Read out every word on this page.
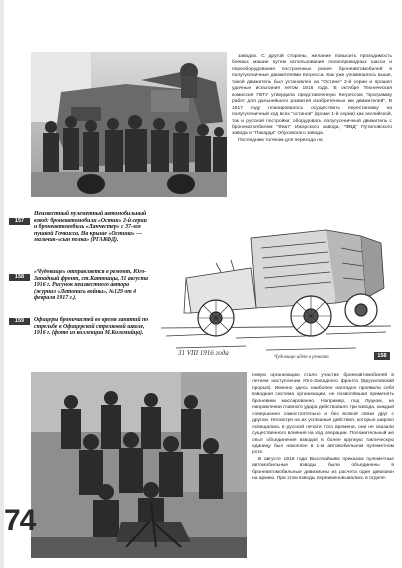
заводах. С другой стороны, желание повысить проходимость боевых машин путем использования полноприводных шасси и переоборудования построенных ранее бронеавтомобилей в полугусеничные движителями Кегресса. Как уже упоминалось выше, такой движитель был установлен на "Остине" 2-й серии и прошел удачные испытания летом 1916 года. В октябре Техническая комиссия ГВТУ утвердила представленную Кегрессом "программу работ для дальнейшего развития изобретенных им движителей". В 1917 году планировалось осуществить перестановку на полугусеничный ход всех "остинов" (кроме 1-й серии) как английской, так и русской постройки; оборудовать полугусеничный движитель с бронекатопбилем "Фиат" Ижорского завода, "ФВД" Путиловского завода и "Пакарда" Обуховского завода.

Последним толчком для перехода на

157
Неизвестный пулеметный автомобильный взвод: бронеавтомобили «Остин» 2-й серии и бронеавтомобиль «Ланчестер» с 37-мм пушкой Гочкисса. На крыше «Остина» — мальчик-«сын полка» (РГАКФД).
158
«Чудовище» отправляется в ремонт, Юго-Западный фронт, ст.Катюшцы, 31 августа 1916 г. Рисунок неизвестного автора (журнал «Летопись войны», №129 от 4 февраля 1917 г.).
159	Офицеры броничастей во время занятий по стрельбе в Офицерской стрелковой школе, 1916 г. (фото из коллекции М.Коломийца).
31 VIII 1916 года
Чудовище идет в ремонт	158

новую организацию стало участие бронеавтомобилей в летнем наступлении Юго-Западного фронта (Брусиловский прорыв). Именно здесь наиболее наглядно проявила себя взводная система организации, не позволявшая применять броневики массированно. Например, под Луцком, на направлении главного удара действовало три взвода, каждый совершенно самостоятельно и без всякой связи друг с другом. Несмотря на их успешные действия, которые широко освещались в русской печати того времени, они не оказали существенного влияния на ход операции. Положительный же опыт объединения взводов в более крупную тактическую единицу был накоплен в 1-м автомобильном пулеметном роте.

В августе 1916 года Высочайшим приказом пулеметные автомобильные взводы были объединены в бронеавтомобильные дивизионы из расчета один дивизион на армию. При этом взводы переименовывались в отделе-

74
